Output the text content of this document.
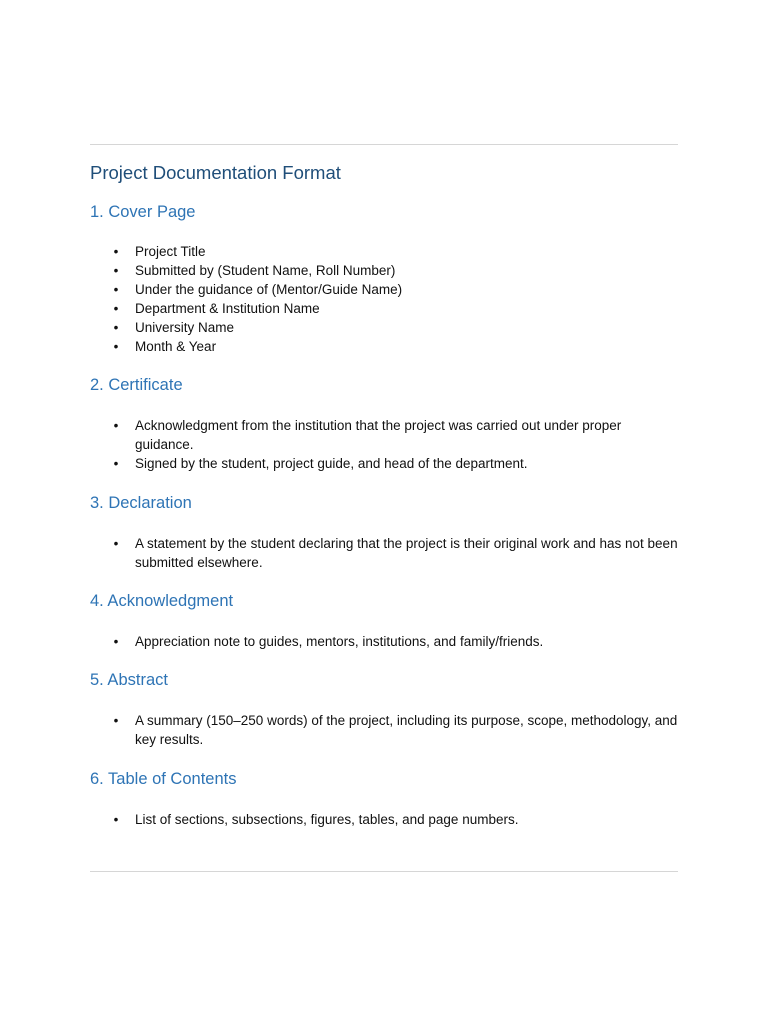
Project Documentation Format
1. Cover Page
• Project Title
• Submitted by (Student Name, Roll Number)
• Under the guidance of (Mentor/Guide Name)
• Department & Institution Name
• University Name
• Month & Year
2. Certificate
• Acknowledgment from the institution that the project was carried out under proper guidance.
• Signed by the student, project guide, and head of the department.
3. Declaration
• A statement by the student declaring that the project is their original work and has not been submitted elsewhere.
4. Acknowledgment
• Appreciation note to guides, mentors, institutions, and family/friends.
5. Abstract
• A summary (150–250 words) of the project, including its purpose, scope, methodology, and key results.
6. Table of Contents
• List of sections, subsections, figures, tables, and page numbers.
